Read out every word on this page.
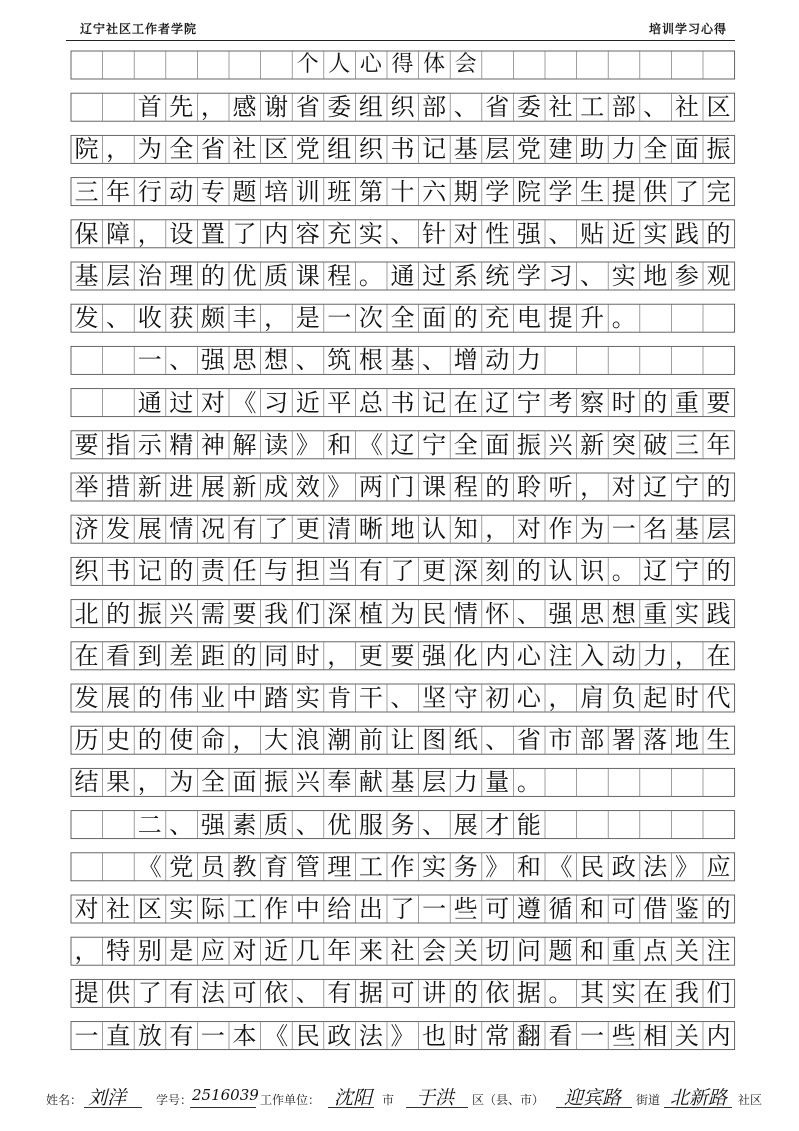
辽宁社区工作者学院	培训学习心得
个 人 心 得 体 会
首 先 ， 感 谢 省 委 组 织 部 、 省 委 社 工 部 、 社 区
院 ， 为 全 省 社 区 党 组 织 书 记 基 层 党 建 助 力 全 面 振
三 年 行 动 专 题 培 训 班 第 十 六 期 学 院 学 生 提 供 了 完
保 障 ， 设 置 了 内 容 充 实 、 针 对 性 强 、 贴 近 实 践 的
基 层 治 理 的 优 质 课 程 。 通 过 系 统 学 习 、 实 地 参 观
发 、 收 获 颇 丰 ， 是 一 次 全 面 的 充 电 提 升 。
一 、 强 思 想 、 筑 根 基 、 增 动 力
通 过 对 《 习 近 平 总 书 记 在 辽 宁 考 察 时 的 重 要
要 指 示 精 神 解 读 》 和 《 辽 宁 全 面 振 兴 新 突 破 三 年
举 措 新 进 展 新 成 效 》 两 门 课 程 的 聆 听 ， 对 辽 宁 的
济 发 展 情 况 有 了 更 清 晰 地 认 知 ， 对 作 为 一 名 基 层
织 书 记 的 责 任 与 担 当 有 了 更 深 刻 的 认 识 。 辽 宁 的
北 的 振 兴 需 要 我 们 深 植 为 民 情 怀 、 强 思 想 重 实 践
在 看 到 差 距 的 同 时 ， 更 要 强 化 内 心 注 入 动 力 ， 在
发 展 的 伟 业 中 踏 实 肯 干 、 坚 守 初 心 ， 肩 负 起 时 代
历 史 的 使 命 ， 大 浪 潮 前 让 图 纸 、 省 市 部 署 落 地 生
结 果 ， 为 全 面 振 兴 奉 献 基 层 力 量 。
二 、 强 素 质 、 优 服 务 、 展 才 能
《 党 员 教 育 管 理 工 作 实 务 》 和 《 民 政 法 》 应
对 社 区 实 际 工 作 中 给 出 了 一 些 可 遵 循 和 可 借 鉴 的
， 特 别 是 应 对 近 几 年 来 社 会 关 切 问 题 和 重 点 关 注
提 供 了 有 法 可 依 、 有 据 可 讲 的 依 据 。 其 实 在 我 们
一 直 放 有 一 本 《 民 政 法 》 也 时 常 翻 看 一 些 相 关 内
姓名： 刘洋 学号： 2516039 工作单位： 沈阳 市 于洪 区（县、市） 迎宾路 街道 北新路 社区
